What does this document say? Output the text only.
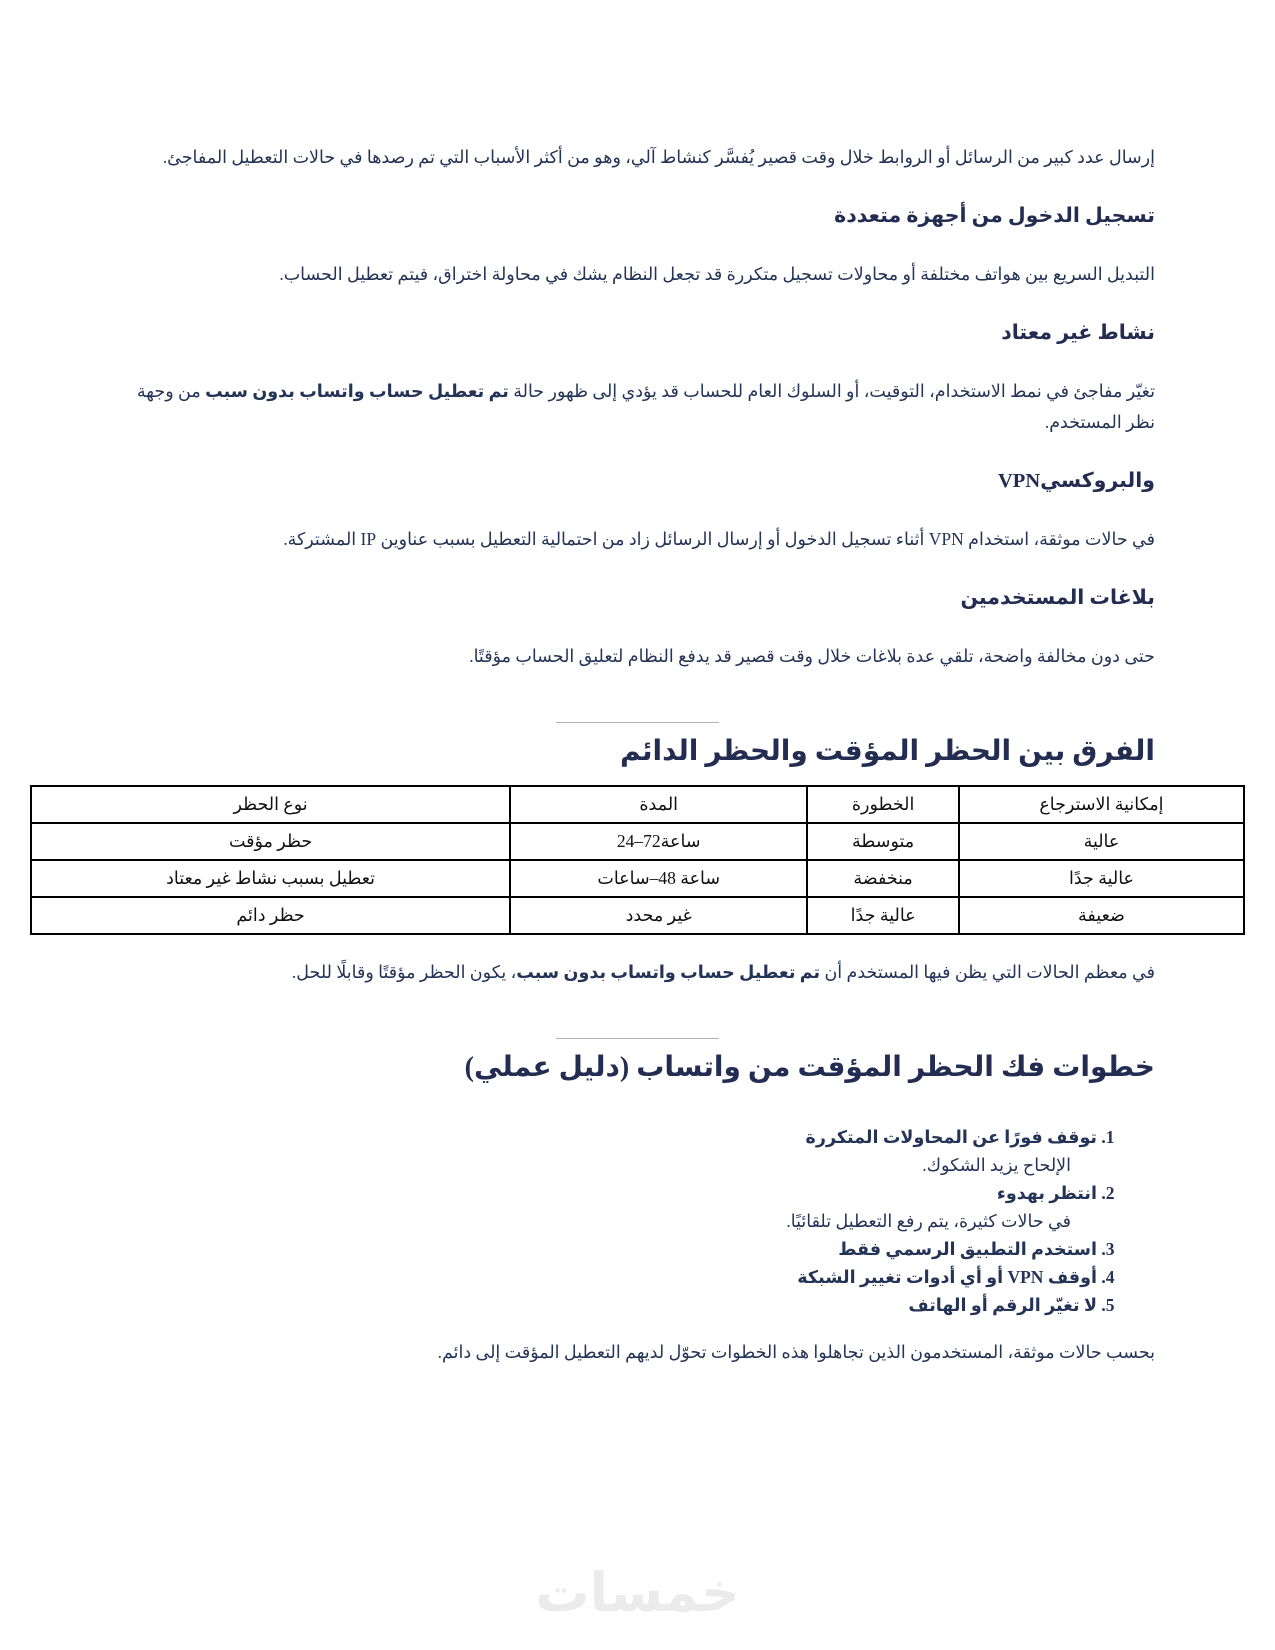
إرسال عدد كبير من الرسائل أو الروابط خلال وقت قصير يُفسَّر كنشاط آلي، وهو من أكثر الأسباب التي تم رصدها في حالات التعطيل المفاجئ.

تسجيل الدخول من أجهزة متعددة

التبديل السريع بين هواتف مختلفة أو محاولات تسجيل متكررة قد تجعل النظام يشك في محاولة اختراق، فيتم تعطيل الحساب.

نشاط غير معتاد

تغيّر مفاجئ في نمط الاستخدام، التوقيت، أو السلوك العام للحساب قد يؤدي إلى ظهور حالة تم تعطيل حساب واتساب بدون سبب من وجهة نظر المستخدم.

VPNوالبروكسي

في حالات موثقة، استخدام VPN أثناء تسجيل الدخول أو إرسال الرسائل زاد من احتمالية التعطيل بسبب عناوين IP المشتركة.

بلاغات المستخدمين

حتى دون مخالفة واضحة، تلقي عدة بلاغات خلال وقت قصير قد يدفع النظام لتعليق الحساب مؤقتًا.

الفرق بين الحظر المؤقت والحظر الدائم
نوع الحظر	المدة	الخطورة	إمكانية الاسترجاع
حظر مؤقت	24–72ساعة	متوسطة	عالية
تعطيل بسبب نشاط غير معتاد	ساعات‎–48‎ ساعة	منخفضة	عالية جدًا
حظر دائم	غير محدد	عالية جدًا	ضعيفة

في معظم الحالات التي يظن فيها المستخدم أن تم تعطيل حساب واتساب بدون سبب، يكون الحظر مؤقتًا وقابلًا للحل.

خطوات فك الحظر المؤقت من واتساب (دليل عملي)
1. توقف فورًا عن المحاولات المتكررة
الإلحاح يزيد الشكوك.
2. انتظر بهدوء
في حالات كثيرة، يتم رفع التعطيل تلقائيًا.
3. استخدم التطبيق الرسمي فقط
4. أوقف VPN أو أي أدوات تغيير الشبكة
5. لا تغيّر الرقم أو الهاتف

بحسب حالات موثقة، المستخدمون الذين تجاهلوا هذه الخطوات تحوّل لديهم التعطيل المؤقت إلى دائم.

خمسات
